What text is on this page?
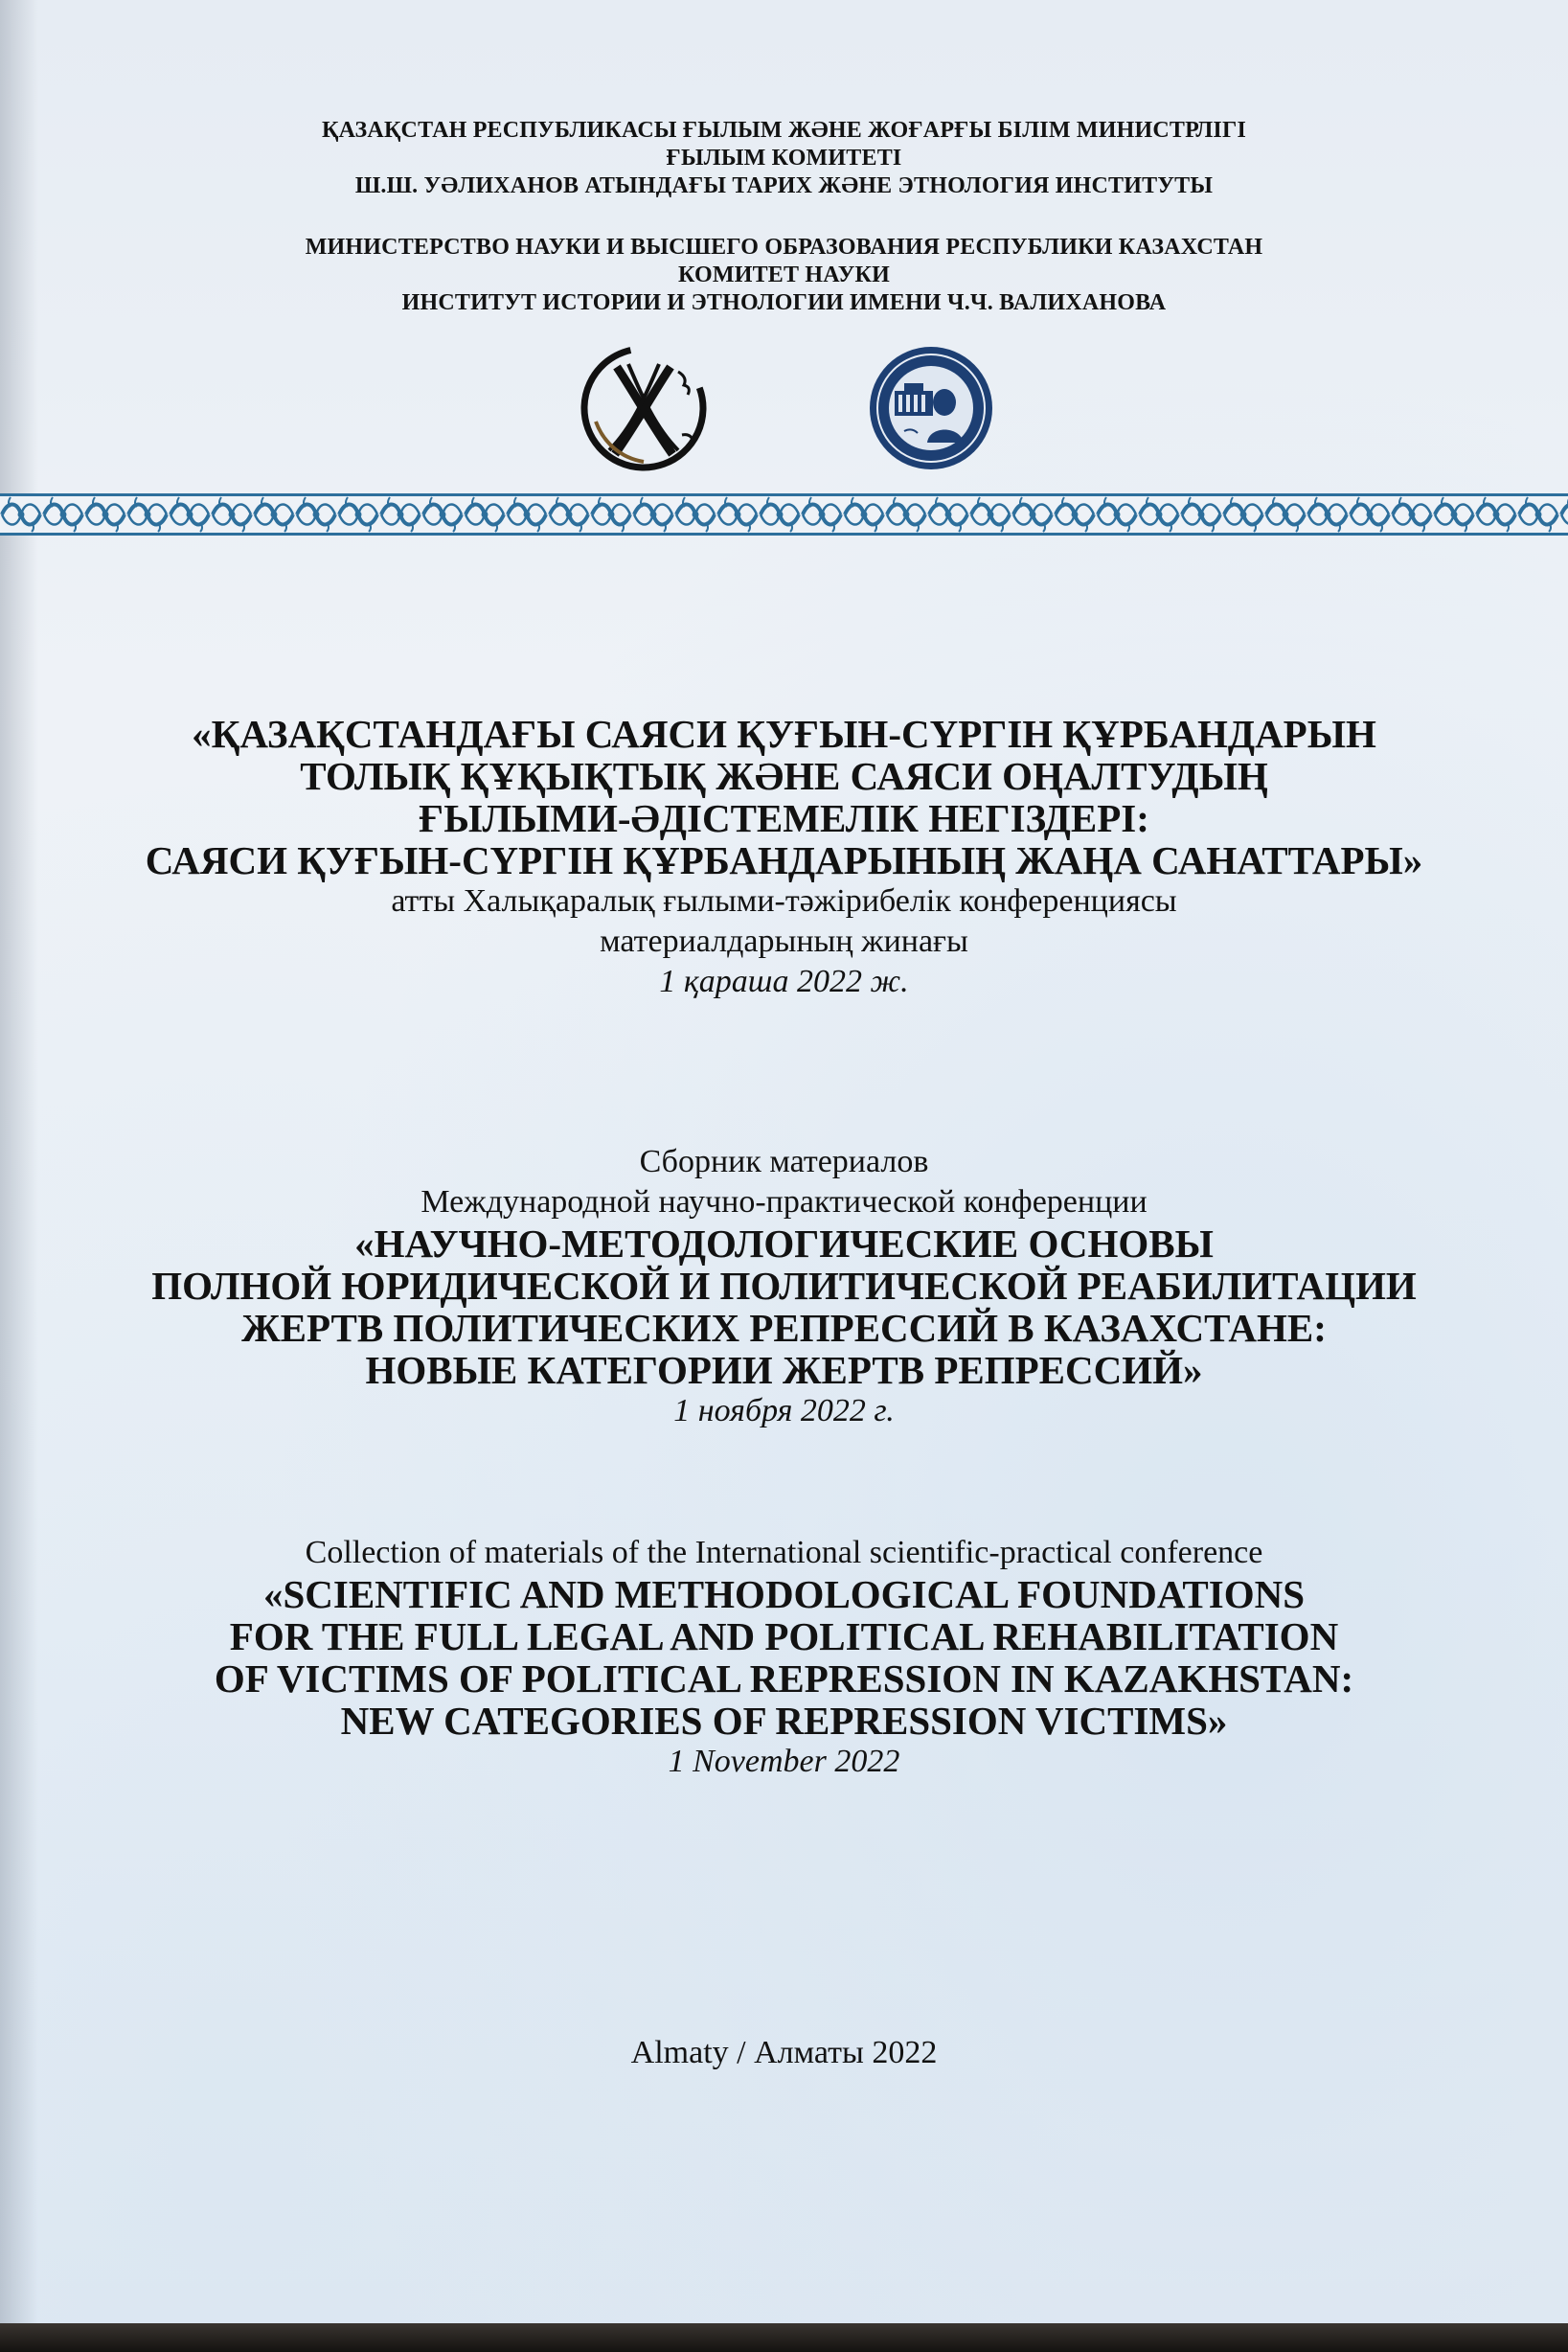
ҚАЗАҚСТАН РЕСПУБЛИКАСЫ ҒЫЛЫМ ЖӘНЕ ЖОҒАРҒЫ БІЛІМ МИНИСТРЛІГІ
ҒЫЛЫМ КОМИТЕТІ
Ш.Ш. УӘЛИХАНОВ АТЫНДАҒЫ ТАРИХ ЖӘНЕ ЭТНОЛОГИЯ ИНСТИТУТЫ
МИНИСТЕРСТВО НАУКИ И ВЫСШЕГО ОБРАЗОВАНИЯ РЕСПУБЛИКИ КАЗАХСТАН
КОМИТЕТ НАУКИ
ИНСТИТУТ ИСТОРИИ И ЭТНОЛОГИИ ИМЕНИ Ч.Ч. ВАЛИХАНОВА
«ҚАЗАҚСТАНДАҒЫ САЯСИ ҚУҒЫН-СҮРГІН ҚҰРБАНДАРЫН
ТОЛЫҚ ҚҰҚЫҚТЫҚ ЖӘНЕ САЯСИ ОҢАЛТУДЫҢ
ҒЫЛЫМИ-ӘДІСТЕМЕЛІК НЕГІЗДЕРІ:
САЯСИ ҚУҒЫН-СҮРГІН ҚҰРБАНДАРЫНЫҢ ЖАҢА САНАТТАРЫ»
атты Халықаралық ғылыми-тәжірибелік конференциясы
материалдарының жинағы
1 қараша 2022 ж.
Сборник материалов
Международной научно-практической конференции
«НАУЧНО-МЕТОДОЛОГИЧЕСКИЕ ОСНОВЫ
ПОЛНОЙ ЮРИДИЧЕСКОЙ И ПОЛИТИЧЕСКОЙ РЕАБИЛИТАЦИИ
ЖЕРТВ ПОЛИТИЧЕСКИХ РЕПРЕССИЙ В КАЗАХСТАНЕ:
НОВЫЕ КАТЕГОРИИ ЖЕРТВ РЕПРЕССИЙ»
1 ноября 2022 г.
Collection of materials of the International scientific-practical conference
«SCIENTIFIC AND METHODOLOGICAL FOUNDATIONS
FOR THE FULL LEGAL AND POLITICAL REHABILITATION
OF VICTIMS OF POLITICAL REPRESSION IN KAZAKHSTAN:
NEW CATEGORIES OF REPRESSION VICTIMS»
1 November 2022
Almaty / Алматы 2022
